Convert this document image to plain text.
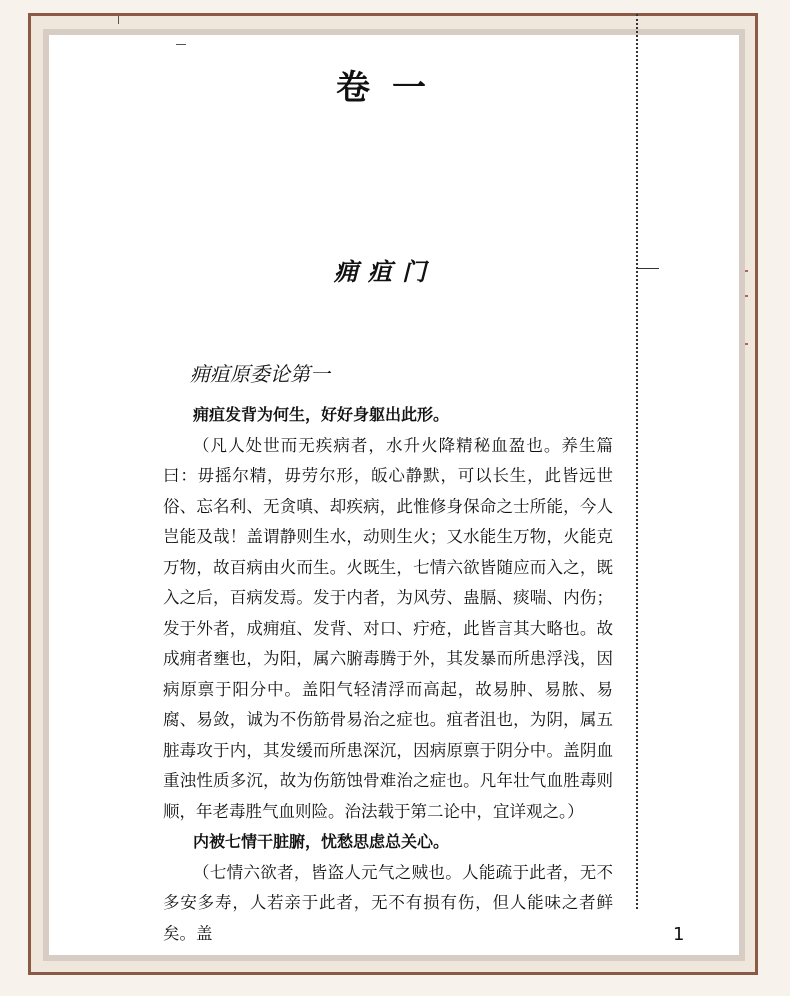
卷一
痈疽门
痈疽原委论第一

痈疽发背为何生，好好身躯出此形。

（凡人处世而无疾病者，水升火降精秘血盈也。养生篇曰：毋摇尔精，毋劳尔形，皈心静默，可以长生，此皆远世俗、忘名利、无贪嗔、却疾病，此惟修身保命之士所能，今人岂能及哉！盖谓静则生水，动则生火；又水能生万物，火能克万物，故百病由火而生。火既生，七情六欲皆随应而入之，既入之后，百病发焉。发于内者，为风劳、蛊膈、痰喘、内伤；发于外者，成痈疽、发背、对口、疔疮，此皆言其大略也。故成痈者壅也，为阳，属六腑毒腾于外，其发暴而所患浮浅，因病原禀于阳分中。盖阳气轻清浮而高起，故易肿、易脓、易腐、易敛，诚为不伤筋骨易治之症也。疽者沮也，为阴，属五脏毒攻于内，其发缓而所患深沉，因病原禀于阴分中。盖阴血重浊性质多沉，故为伤筋蚀骨难治之症也。凡年壮气血胜毒则顺，年老毒胜气血则险。治法载于第二论中，宜详观之。）

内被七情干脏腑，忧愁思虑总关心。

（七情六欲者，皆盗人元气之贼也。人能疏于此者，无不多安多寿，人若亲于此者，无不有损有伤，但人能味之者鲜矣。盖	1
